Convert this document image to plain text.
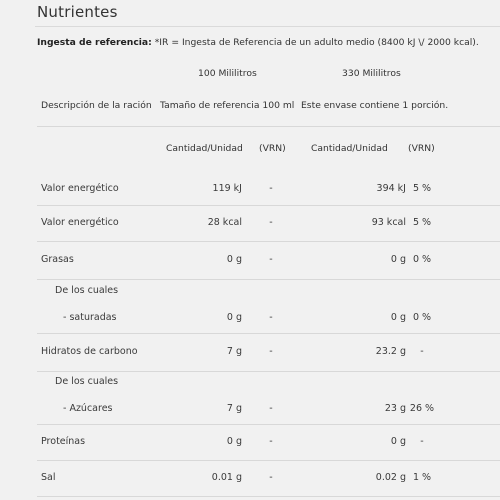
Nutrientes
Ingesta de referencia: *IR = Ingesta de Referencia de un adulto medio (8400 kJ \/ 2000 kcal).
100 Mililitros	330 Mililitros
Descripción de la ración Tamaño de referencia 100 ml Este envase contiene 1 porción.
Cantidad/Unidad (VRN)	Cantidad/Unidad (VRN)
Valor energético	119 kJ	-	394 kJ 5 %
Valor energético	28 kcal	-	93 kcal 5 %
Grasas	0 g	-	0 g 0 %
De los cuales
- saturadas	0 g	-	0 g 0 %
Hidratos de carbono	7 g	-	23.2 g	-
De los cuales
- Azúcares	7 g	-	23 g 26 %
Proteínas	0 g	-	0 g	-
Sal	0.01 g	-	0.02 g 1 %
